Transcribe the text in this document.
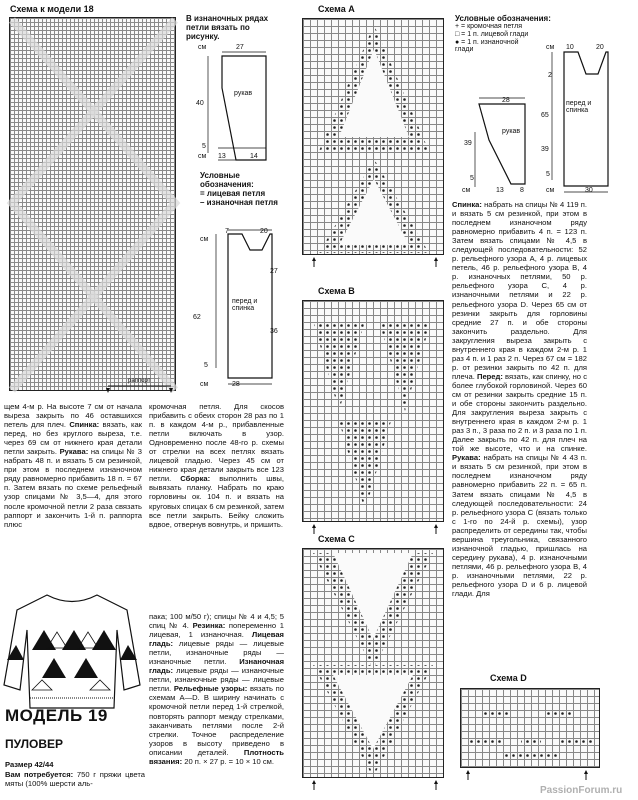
Схема к модели 18
раппорт
В изнаночных рядах петли вязать по рисунку.
см	27
40
рукав
5
см 13	14
Условные обозначения:
= лицевая петля
– изнаночная петля
см
7	20
27
перед и спинка
62
36
5
см	28
щем 4-м р. На высоте 7 см от начала выреза закрыть по 46 оставшихся петель для плеч. Спинка: вязать, как перед, но без круглого выреза, т.е. через 69 см от нижнего края детали петли закрыть. Рукава: на спицы № 3 набрать 48 п. и вязать 5 см резинкой, при этом в последнем изнаночном ряду равномерно прибавить 18 п. = 67 п. Затем вязать по схеме рельефный узор спицами № 3,5—4, для этого после кромочной петли 2 раза связать раппорт и закончить 1-й п. раппорта плюс
кромочная петля. Для скосов прибавить с обеих сторон 28 раз по 1 п. в каждом 4-м р., прибавленные петли включать в узор. Одновременно после 48-го р. схемы от стрелки на всех петлях вязать лицевой гладью. Через 45 см от нижнего края детали закрыть все 123 петли. Сборка: выполнить швы, вывязать планку. Набрать по краю горловины ок. 104 п. и вязать на круговых спицах 6 см резинкой, затем все петли закрыть. Бейку сложить вдвое, отвернув вовнутрь, и пришить.
МОДЕЛЬ 19
ПУЛОВЕР
Размер 42/44
Вам потребуется: 750 г пряжи цвета мяты (100% шерсти аль-
пака; 100 м/50 г); спицы № 4 и 4,5; 5 спиц № 4. Резинка: попеременно 1 лицевая, 1 изнаночная. Лицевая гладь: лицевые ряды — лицевые петли, изнаночные ряды — изнаночные петли. Изнаночная гладь: лицевые ряды — изнаночные петли, изнаночные ряды — лицевые петли. Рельефные узоры: вязать по схемам А—D. В ширину начинать с кромочной петли перед 1-й стрелкой, повторять раппорт между стрелками, заканчивать петлями после 2-й стрелки. Точное распределение узоров в высоту приведено в описании деталей. Плотность вязания: 20 п. × 27 р. = 10 × 10 см.
Схема А
Схема В
Схема С
Условные обозначения:
+ = кромочная петля
□ = 1 п. лицевой глади
● = 1 п. изнаночной глади	см 10	20
2
перед и спинка
65
39
5
см	30
28
рукав
39
5
см	13 8
Спинка: набрать на спицы № 4 119 п. и вязать 5 см резинкой, при этом в последнем изнаночном ряду равномерно прибавить 4 п. = 123 п. Затем вязать спицами № 4,5 в следующей последовательности: 52 р. рельефного узора A, 4 р. лицевых петель, 46 р. рельефного узора B, 4 р. изнаночных петлями, 50 р. рельефного узора C, 4 р. изнаночными петлями и 22 р. рельефного узора D. Через 65 см от резинки закрыть для горловины средние 27 п. и обе стороны закончить раздельно. Для закругления выреза закрыть с внутреннего края в каждом 2-м р. 1 раз 4 п. и 1 раз 2 п. Через 67 см = 182 р. от резинки закрыть по 42 п. для плеча. Перед: вязать, как спинку, но с более глубокой горловиной. Через 60 см от резинки закрыть средние 15 п. и обе стороны закончить раздельно. Для закругления выреза закрыть с внутреннего края в каждом 2-м р. 1 раз 3 п., 3 раза по 2 п. и 3 раза по 1 п. Далее закрыть по 42 п. для плеч на той же высоте, что и на спинке. Рукава: набрать на спицы № 4 43 п. и вязать 5 см резинкой, при этом в последнем изнаночном ряду равномерно прибавить 22 п. = 65 п. Затем вязать спицами № 4,5 в следующей последовательности: 24 р. рельефного узора C (вязать только с 1-го по 24-й р. схемы), узор распределить от середины так, чтобы вершина треугольника, связанного изнаночной гладью, пришлась на середину рукава), 4 р. изнаночными петлями, 46 р. рельефного узора B, 4 р. изнаночными петлями, 22 р. рельефного узора D и 6 р. лицевой глади. Для
Схема D
PassionForum.ru
